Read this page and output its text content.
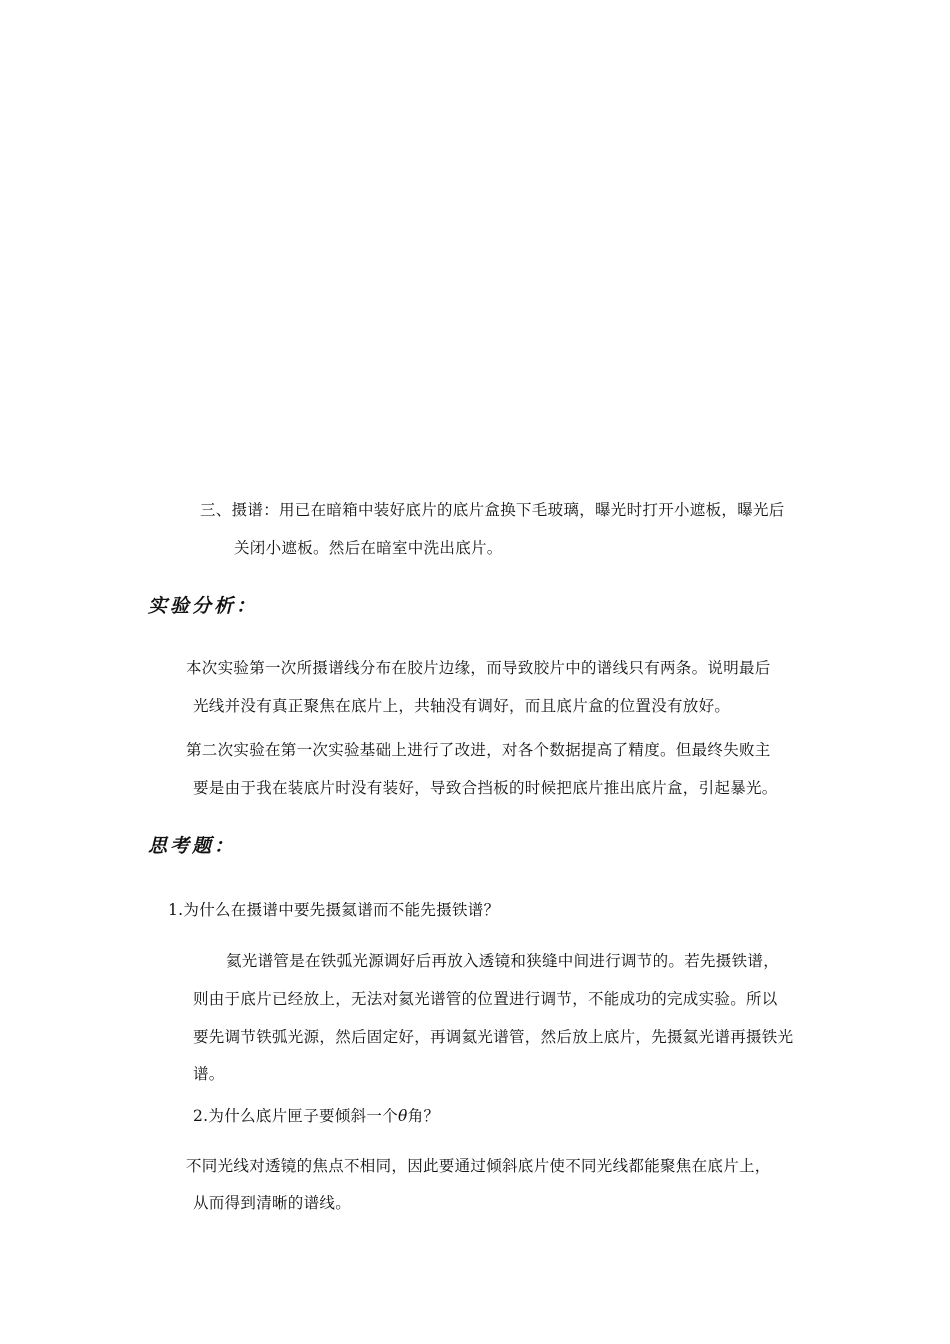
三、摄谱：用已在暗箱中装好底片的底片盒换下毛玻璃，曝光时打开小遮板，曝光后
关闭小遮板。然后在暗室中洗出底片。
实验分析：
本次实验第一次所摄谱线分布在胶片边缘，而导致胶片中的谱线只有两条。说明最后
光线并没有真正聚焦在底片上，共轴没有调好，而且底片盒的位置没有放好。
第二次实验在第一次实验基础上进行了改进，对各个数据提高了精度。但最终失败主
要是由于我在装底片时没有装好，导致合挡板的时候把底片推出底片盒，引起暴光。
思考题：
1.为什么在摄谱中要先摄氦谱而不能先摄铁谱？
氦光谱管是在铁弧光源调好后再放入透镜和狭缝中间进行调节的。若先摄铁谱，
则由于底片已经放上，无法对氦光谱管的位置进行调节，不能成功的完成实验。所以
要先调节铁弧光源，然后固定好，再调氦光谱管，然后放上底片，先摄氦光谱再摄铁光
谱。
2.为什么底片匣子要倾斜一个θ角？
不同光线对透镜的焦点不相同，因此要通过倾斜底片使不同光线都能聚焦在底片上，
从而得到清晰的谱线。
